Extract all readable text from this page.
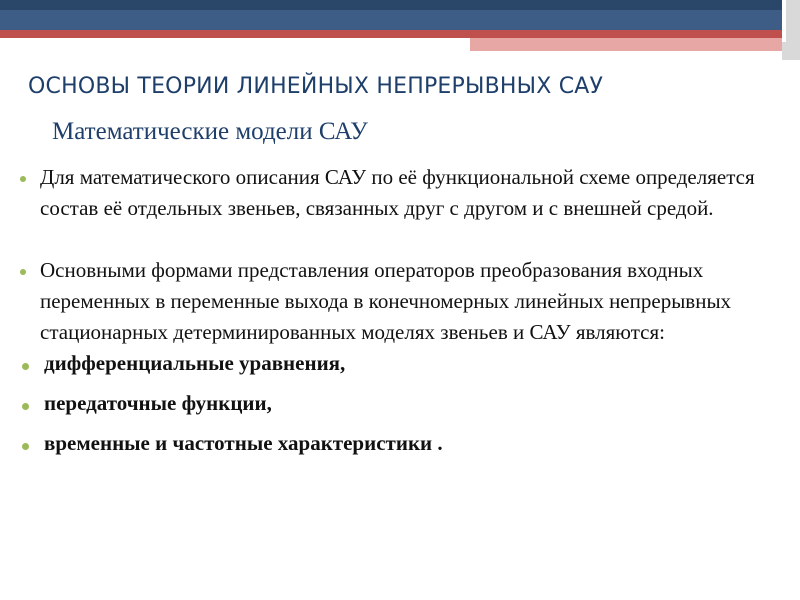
ОСНОВЫ ТЕОРИИ ЛИНЕЙНЫХ НЕПРЕРЫВНЫХ САУ
Математические модели САУ
Для математического описания САУ по её функциональной схеме определяется состав её отдельных звеньев, связанных друг с другом и с внешней средой.
Основными формами представления операторов преобразования входных переменных в переменные выхода в конечномерных линейных непрерывных стационарных детерминированных моделях звеньев и САУ являются:
дифференциальные уравнения,
передаточные функции,
временные и частотные характеристики .
